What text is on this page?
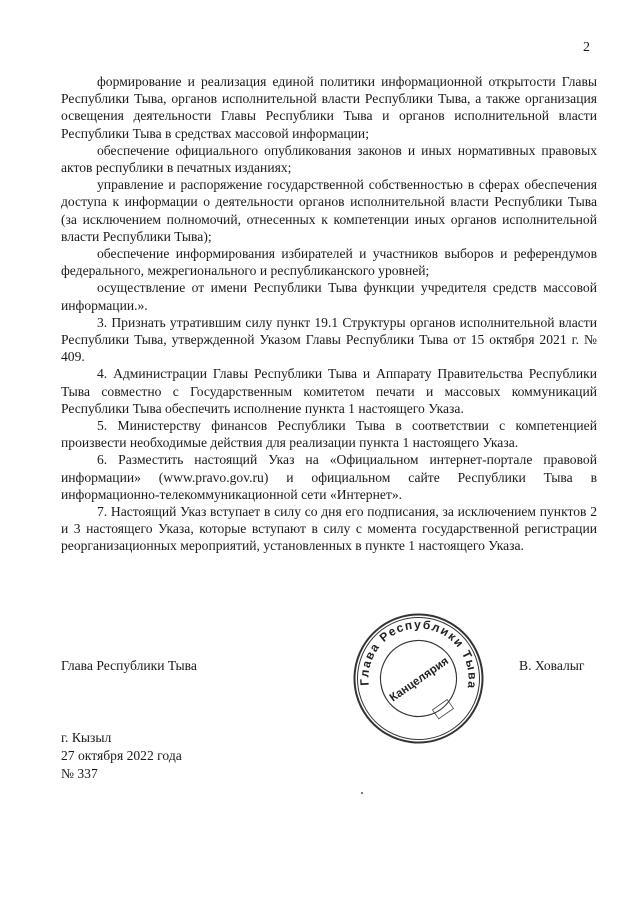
2

формирование и реализация единой политики информационной открытости Главы Республики Тыва, органов исполнительной власти Республики Тыва, а также организация освещения деятельности Главы Республики Тыва и органов исполнительной власти Республики Тыва в средствах массовой информации;

обеспечение официального опубликования законов и иных нормативных правовых актов республики в печатных изданиях;

управление и распоряжение государственной собственностью в сферах обеспечения доступа к информации о деятельности органов исполнительной власти Республики Тыва (за исключением полномочий, отнесенных к компетенции иных органов исполнительной власти Республики Тыва);

обеспечение информирования избирателей и участников выборов и референдумов федерального, межрегионального и республиканского уровней;

осуществление от имени Республики Тыва функции учредителя средств массовой информации.».

3. Признать утратившим силу пункт 19.1 Структуры органов исполнительной власти Республики Тыва, утвержденной Указом Главы Республики Тыва от 15 октября 2021 г. № 409.

4. Администрации Главы Республики Тыва и Аппарату Правительства Республики Тыва совместно с Государственным комитетом печати и массовых коммуникаций Республики Тыва обеспечить исполнение пункта 1 настоящего Указа.

5. Министерству финансов Республики Тыва в соответствии с компетенцией произвести необходимые действия для реализации пункта 1 настоящего Указа.

6. Разместить настоящий Указ на «Официальном интернет-портале правовой информации» (www.pravo.gov.ru) и официальном сайте Республики Тыва в информационно-телекоммуникационной сети «Интернет».

7. Настоящий Указ вступает в силу со дня его подписания, за исключением пунктов 2 и 3 настоящего Указа, которые вступают в силу с момента государственной регистрации реорганизационных мероприятий, установленных в пункте 1 настоящего Указа.

Глава Республики Тыва	В. Ховалыг
Глава Республики Тыва
Канцелярия
г. Кызыл
27 октября 2022 года
№ 337
